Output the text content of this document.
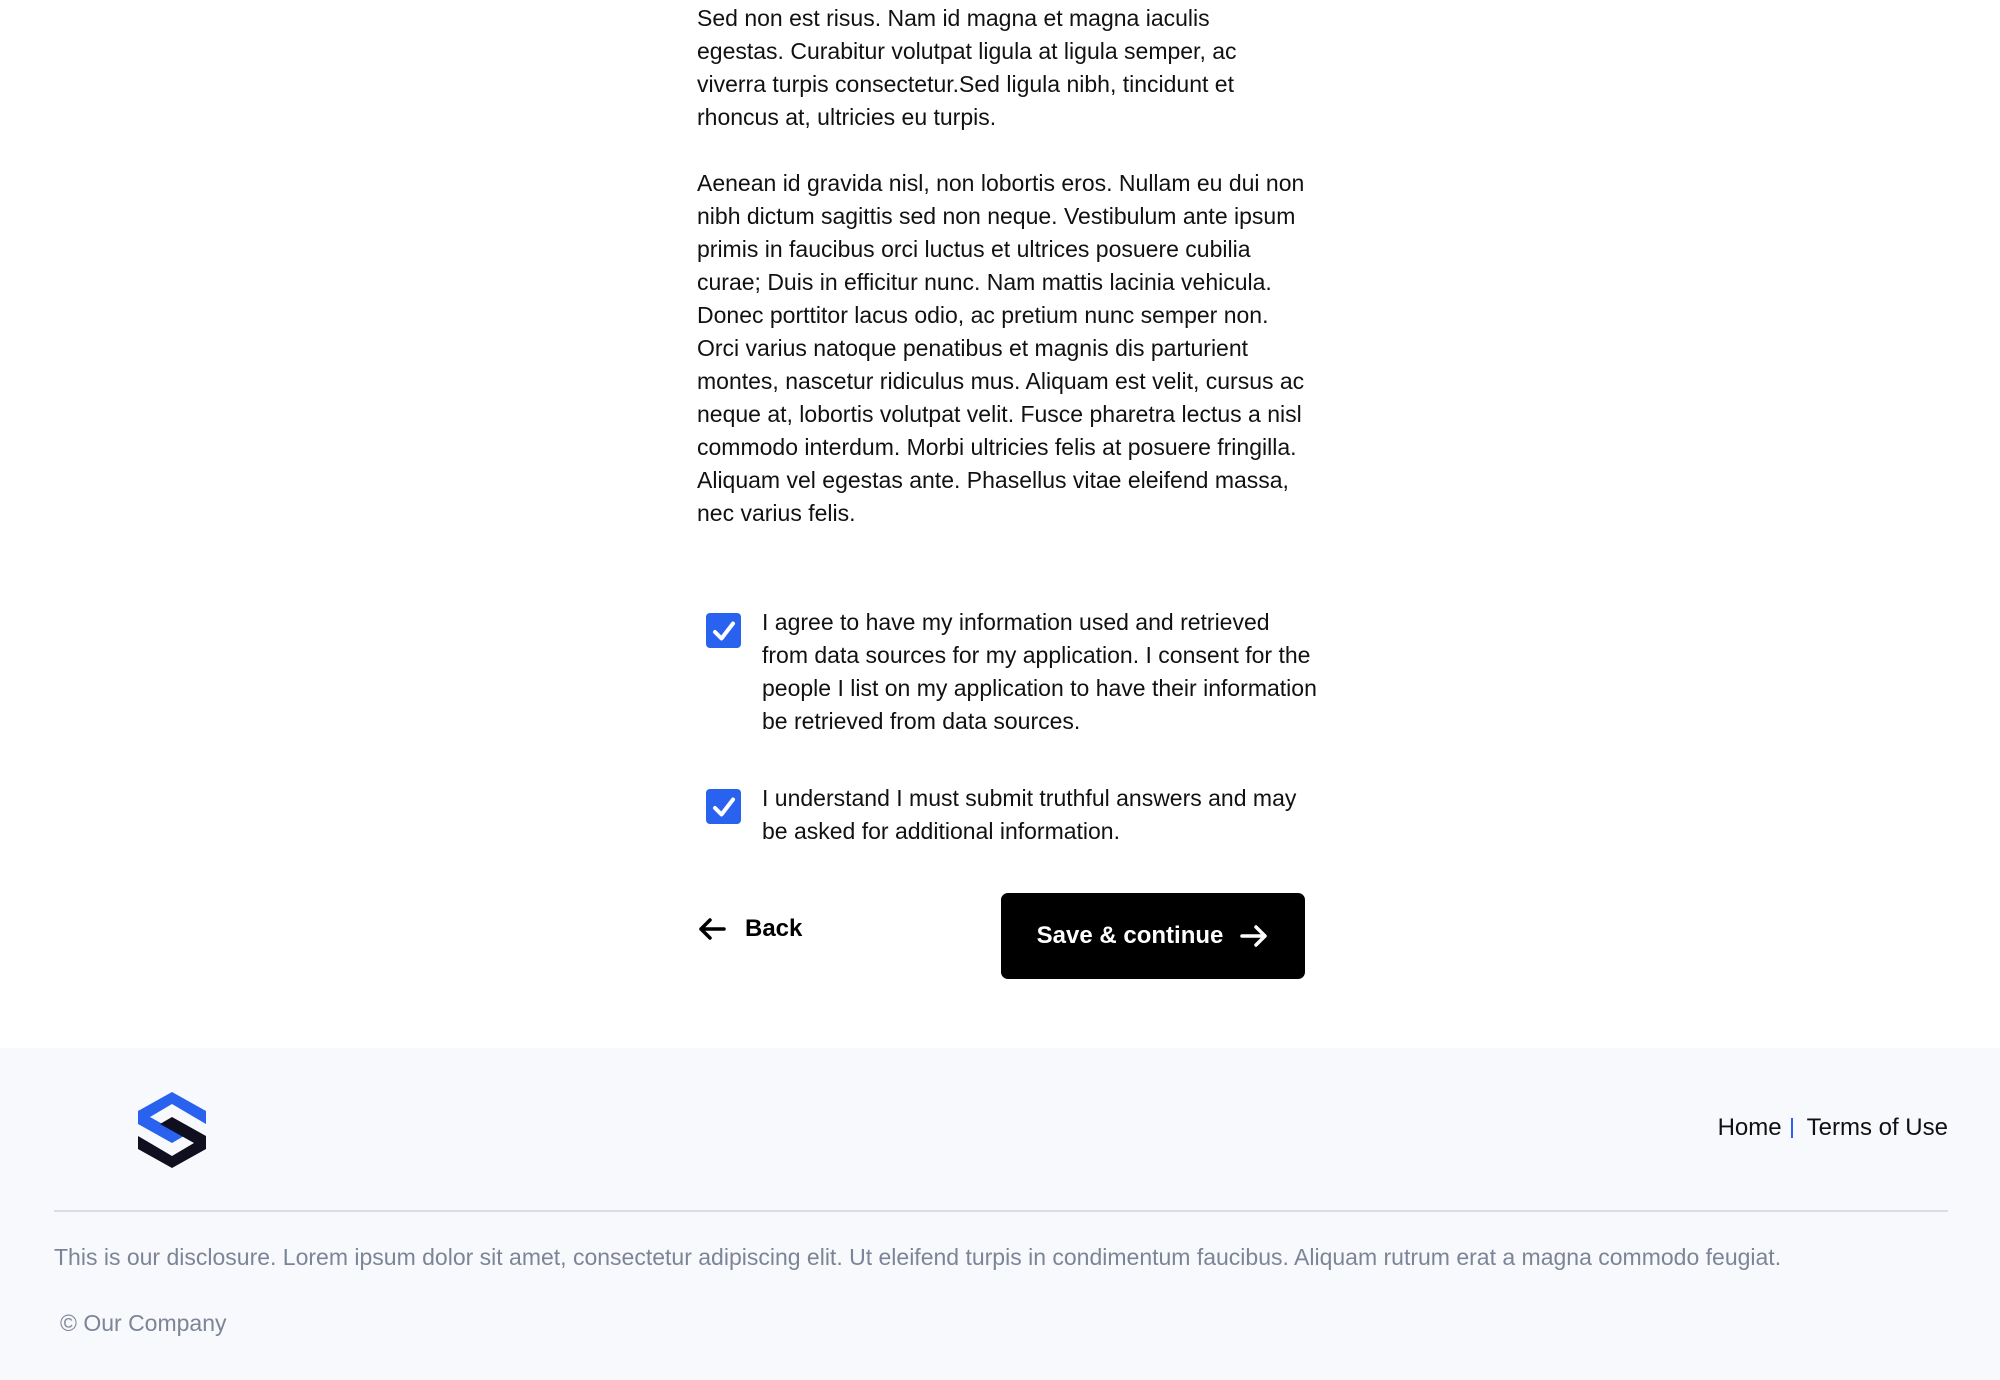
Sed non est risus. Nam id magna et magna iaculis egestas. Curabitur volutpat ligula at ligula semper, ac viverra turpis consectetur.Sed ligula nibh, tincidunt et rhoncus at, ultricies eu turpis.

Aenean id gravida nisl, non lobortis eros. Nullam eu dui non nibh dictum sagittis sed non neque. Vestibulum ante ipsum primis in faucibus orci luctus et ultrices posuere cubilia curae; Duis in efficitur nunc. Nam mattis lacinia vehicula. Donec porttitor lacus odio, ac pretium nunc semper non. Orci varius natoque penatibus et magnis dis parturient montes, nascetur ridiculus mus. Aliquam est velit, cursus ac neque at, lobortis volutpat velit. Fusce pharetra lectus a nisl commodo interdum. Morbi ultricies felis at posuere fringilla. Aliquam vel egestas ante. Phasellus vitae eleifend massa, nec varius felis.

I agree to have my information used and retrieved from data sources for my application. I consent for the people I list on my application to have their information be retrieved from data sources.
I understand I must submit truthful answers and may be asked for additional information.
Back	Save & continue
Home Terms of Use
This is our disclosure. Lorem ipsum dolor sit amet, consectetur adipiscing elit. Ut eleifend turpis in condimentum faucibus. Aliquam rutrum erat a magna commodo feugiat.
© Our Company
